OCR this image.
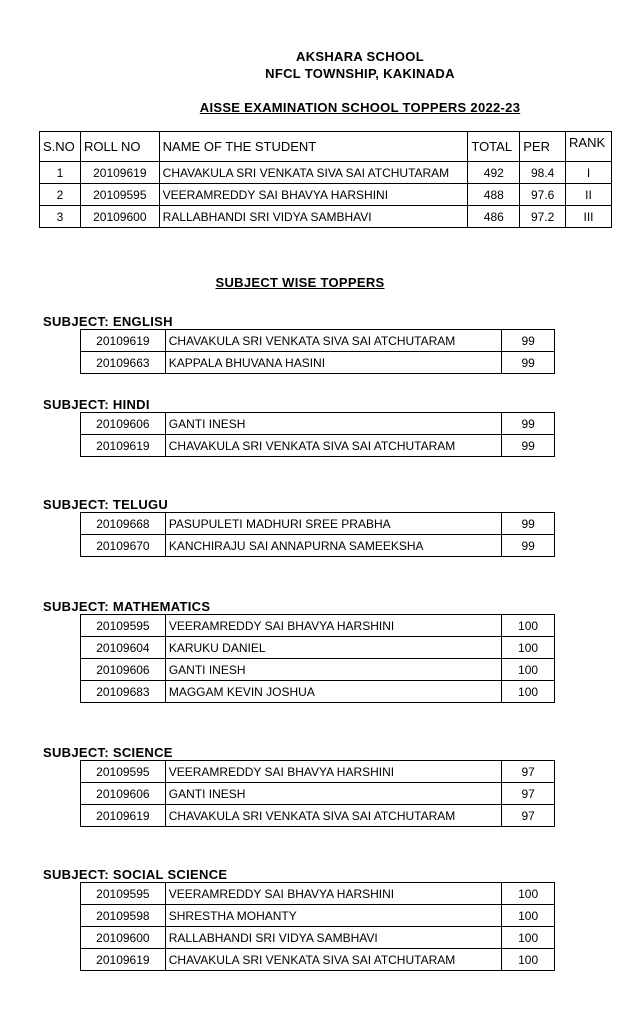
AKSHARA SCHOOL
NFCL TOWNSHIP, KAKINADA
AISSE EXAMINATION SCHOOL TOPPERS 2022-23
S.NO	ROLL NO	NAME OF THE STUDENT	TOTAL	PER	RANK
1	20109619	CHAVAKULA SRI VENKATA SIVA SAI ATCHUTARAM	492	98.4	I
2	20109595	VEERAMREDDY SAI BHAVYA HARSHINI	488	97.6	II
3	20109600	RALLABHANDI SRI VIDYA SAMBHAVI	486	97.2	III
SUBJECT WISE TOPPERS
SUBJECT: ENGLISH
20109619	CHAVAKULA SRI VENKATA SIVA SAI ATCHUTARAM	99
20109663	KAPPALA BHUVANA HASINI	99
SUBJECT: HINDI
20109606	GANTI INESH	99
20109619	CHAVAKULA SRI VENKATA SIVA SAI ATCHUTARAM	99
SUBJECT: TELUGU
20109668	PASUPULETI MADHURI SREE PRABHA	99
20109670	KANCHIRAJU SAI ANNAPURNA SAMEEKSHA	99
SUBJECT: MATHEMATICS
20109595	VEERAMREDDY SAI BHAVYA HARSHINI	100
20109604	KARUKU DANIEL	100
20109606	GANTI INESH	100
20109683	MAGGAM KEVIN JOSHUA	100
SUBJECT: SCIENCE
20109595	VEERAMREDDY SAI BHAVYA HARSHINI	97
20109606	GANTI INESH	97
20109619	CHAVAKULA SRI VENKATA SIVA SAI ATCHUTARAM	97
SUBJECT: SOCIAL SCIENCE
20109595	VEERAMREDDY SAI BHAVYA HARSHINI	100
20109598	SHRESTHA MOHANTY	100
20109600	RALLABHANDI SRI VIDYA SAMBHAVI	100
20109619	CHAVAKULA SRI VENKATA SIVA SAI ATCHUTARAM	100
